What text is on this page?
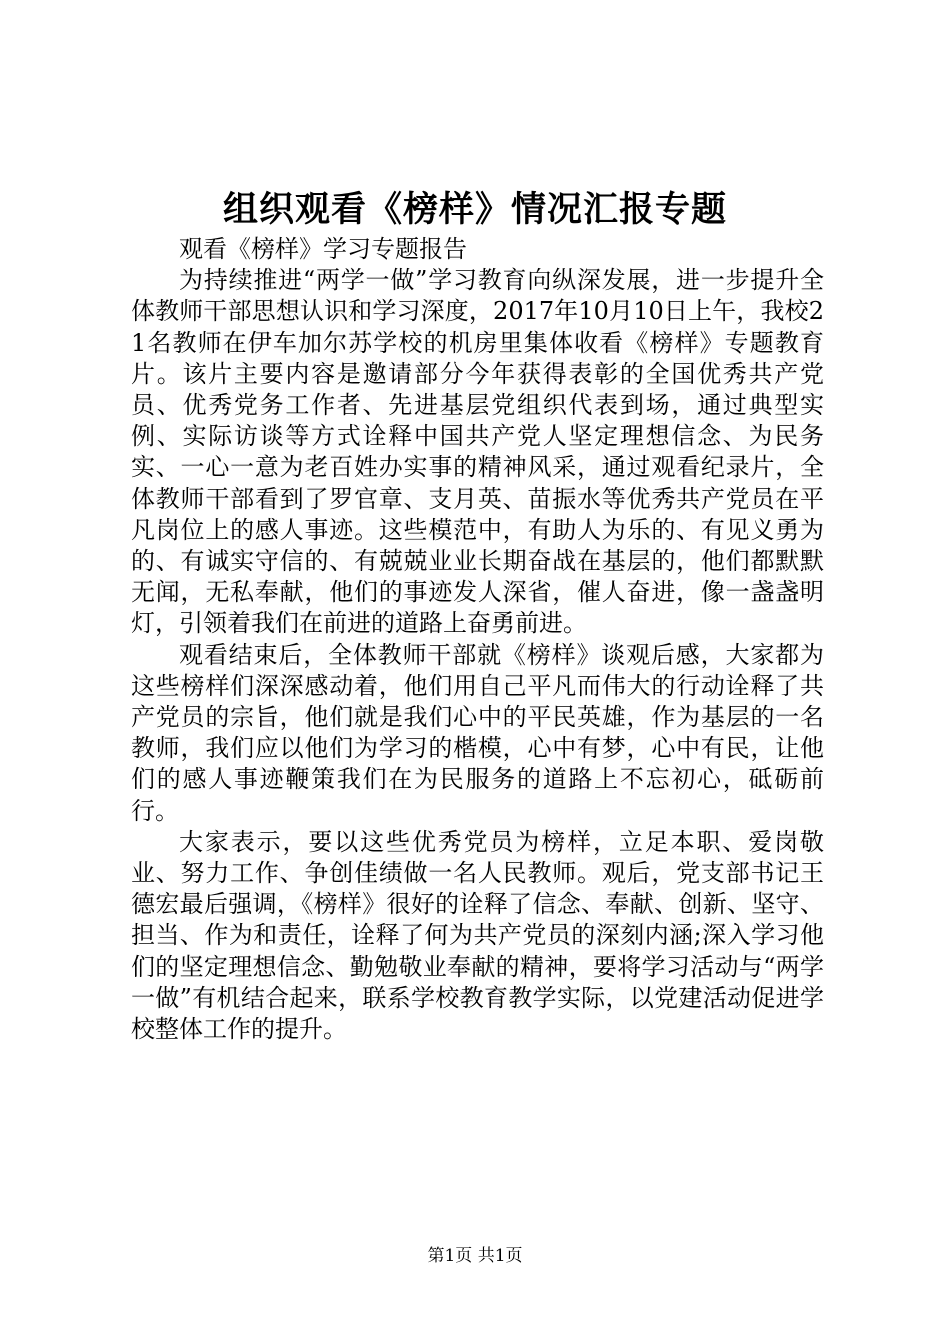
组织观看《榜样》情况汇报专题

观看《榜样》学习专题报告

为持续推进“两学一做”学习教育向纵深发展，进一步提升全体教师干部思想认识和学习深度，2017年10月10日上午，我校21名教师在伊车加尔苏学校的机房里集体收看《榜样》专题教育片。该片主要内容是邀请部分今年获得表彰的全国优秀共产党员、优秀党务工作者、先进基层党组织代表到场，通过典型实例、实际访谈等方式诠释中国共产党人坚定理想信念、为民务实、一心一意为老百姓办实事的精神风采，通过观看纪录片，全体教师干部看到了罗官章、支月英、苗振水等优秀共产党员在平凡岗位上的感人事迹。这些模范中，有助人为乐的、有见义勇为的、有诚实守信的、有兢兢业业长期奋战在基层的，他们都默默无闻，无私奉献，他们的事迹发人深省，催人奋进，像一盏盏明灯，引领着我们在前进的道路上奋勇前进。

观看结束后，全体教师干部就《榜样》谈观后感，大家都为这些榜样们深深感动着，他们用自己平凡而伟大的行动诠释了共产党员的宗旨，他们就是我们心中的平民英雄，作为基层的一名教师，我们应以他们为学习的楷模，心中有梦，心中有民，让他们的感人事迹鞭策我们在为民服务的道路上不忘初心，砥砺前行。

大家表示，要以这些优秀党员为榜样，立足本职、爱岗敬业、努力工作、争创佳绩做一名人民教师。观后，党支部书记王德宏最后强调，《榜样》很好的诠释了信念、奉献、创新、坚守、担当、作为和责任，诠释了何为共产党员的深刻内涵;深入学习他们的坚定理想信念、勤勉敬业奉献的精神，要将学习活动与“两学一做”有机结合起来，联系学校教育教学实际，以党建活动促进学校整体工作的提升。

第1页 共1页
